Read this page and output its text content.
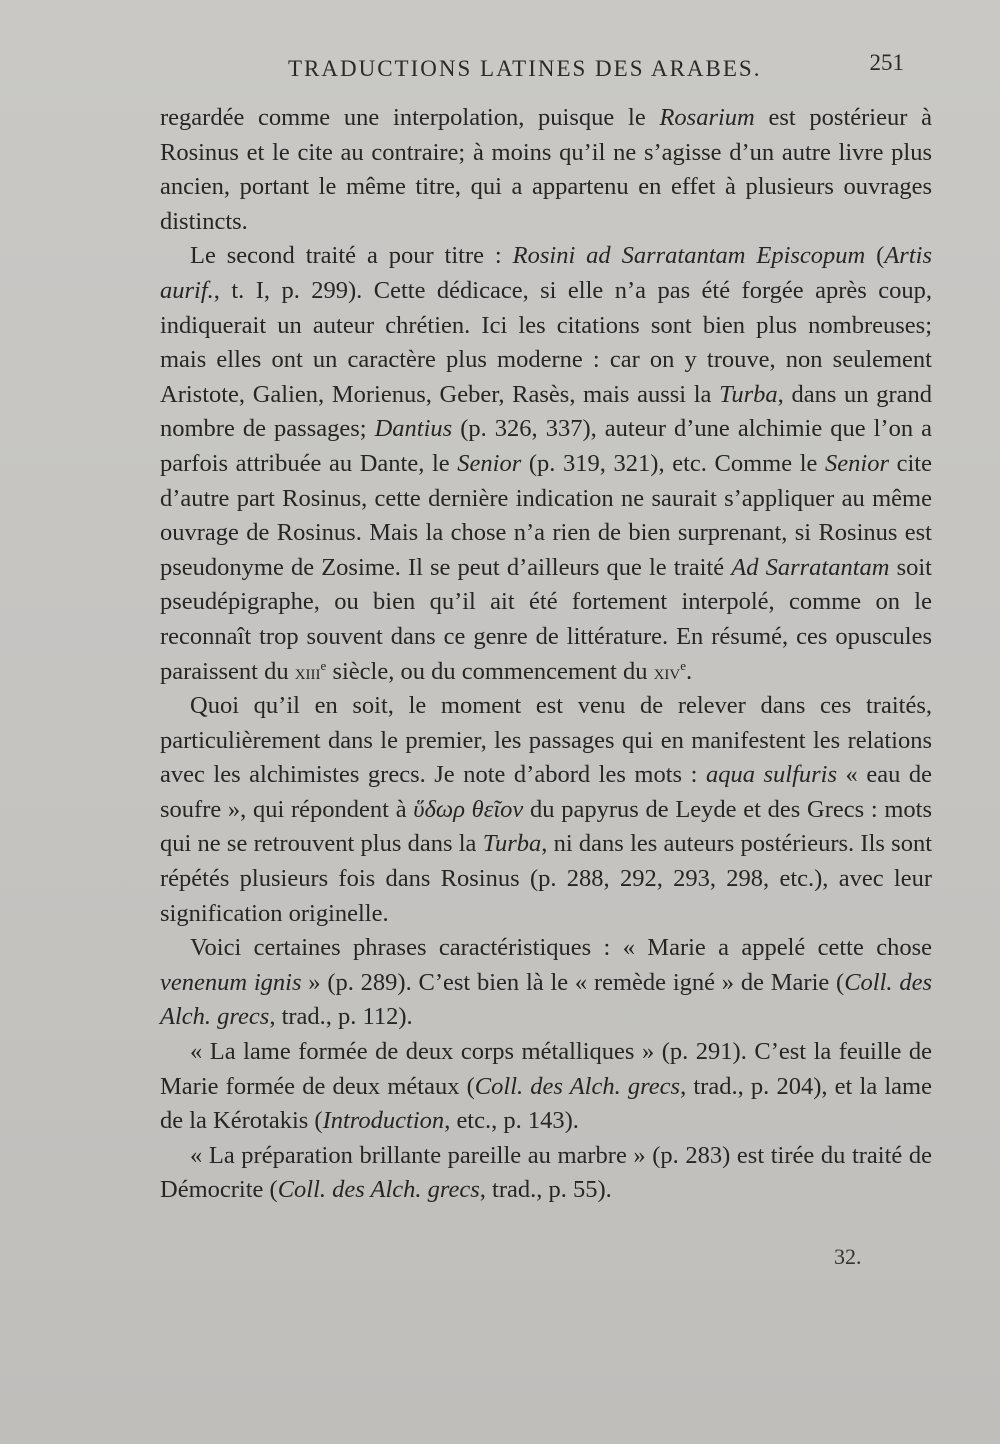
TRADUCTIONS LATINES DES ARABES.	251

regardée comme une interpolation, puisque le Rosarium est postérieur à Rosinus et le cite au contraire; à moins qu’il ne s’agisse d’un autre livre plus ancien, portant le même titre, qui a appartenu en effet à plusieurs ouvrages distincts.

Le second traité a pour titre : Rosini ad Sarratantam Episcopum (Artis aurif., t. I, p. 299). Cette dédicace, si elle n’a pas été forgée après coup, indiquerait un auteur chrétien. Ici les citations sont bien plus nombreuses; mais elles ont un caractère plus moderne : car on y trouve, non seulement Aristote, Galien, Morienus, Geber, Rasès, mais aussi la Turba, dans un grand nombre de passages; Dantius (p. 326, 337), auteur d’une alchimie que l’on a parfois attribuée au Dante, le Senior (p. 319, 321), etc. Comme le Senior cite d’autre part Rosinus, cette dernière indication ne saurait s’appliquer au même ouvrage de Rosinus. Mais la chose n’a rien de bien surprenant, si Rosinus est pseudonyme de Zosime. Il se peut d’ailleurs que le traité Ad Sarratantam soit pseudépigraphe, ou bien qu’il ait été fortement interpolé, comme on le reconnaît trop souvent dans ce genre de littérature. En résumé, ces opuscules paraissent du xiii$^e$ siècle, ou du commencement du xiv$^e$.

Quoi qu’il en soit, le moment est venu de relever dans ces traités, particulièrement dans le premier, les passages qui en manifestent les relations avec les alchimistes grecs. Je note d’abord les mots : aqua sulfuris « eau de soufre », qui répondent à ὕδωρ θεῖον du papyrus de Leyde et des Grecs : mots qui ne se retrouvent plus dans la Turba, ni dans les auteurs postérieurs. Ils sont répétés plusieurs fois dans Rosinus (p. 288, 292, 293, 298, etc.), avec leur signification originelle.

Voici certaines phrases caractéristiques : « Marie a appelé cette chose venenum ignis » (p. 289). C’est bien là le « remède igné » de Marie (Coll. des Alch. grecs, trad., p. 112).

« La lame formée de deux corps métalliques » (p. 291). C’est la feuille de Marie formée de deux métaux (Coll. des Alch. grecs, trad., p. 204), et la lame de la Kérotakis (Introduction, etc., p. 143).

« La préparation brillante pareille au marbre » (p. 283) est tirée du traité de Démocrite (Coll. des Alch. grecs, trad., p. 55).

32.
